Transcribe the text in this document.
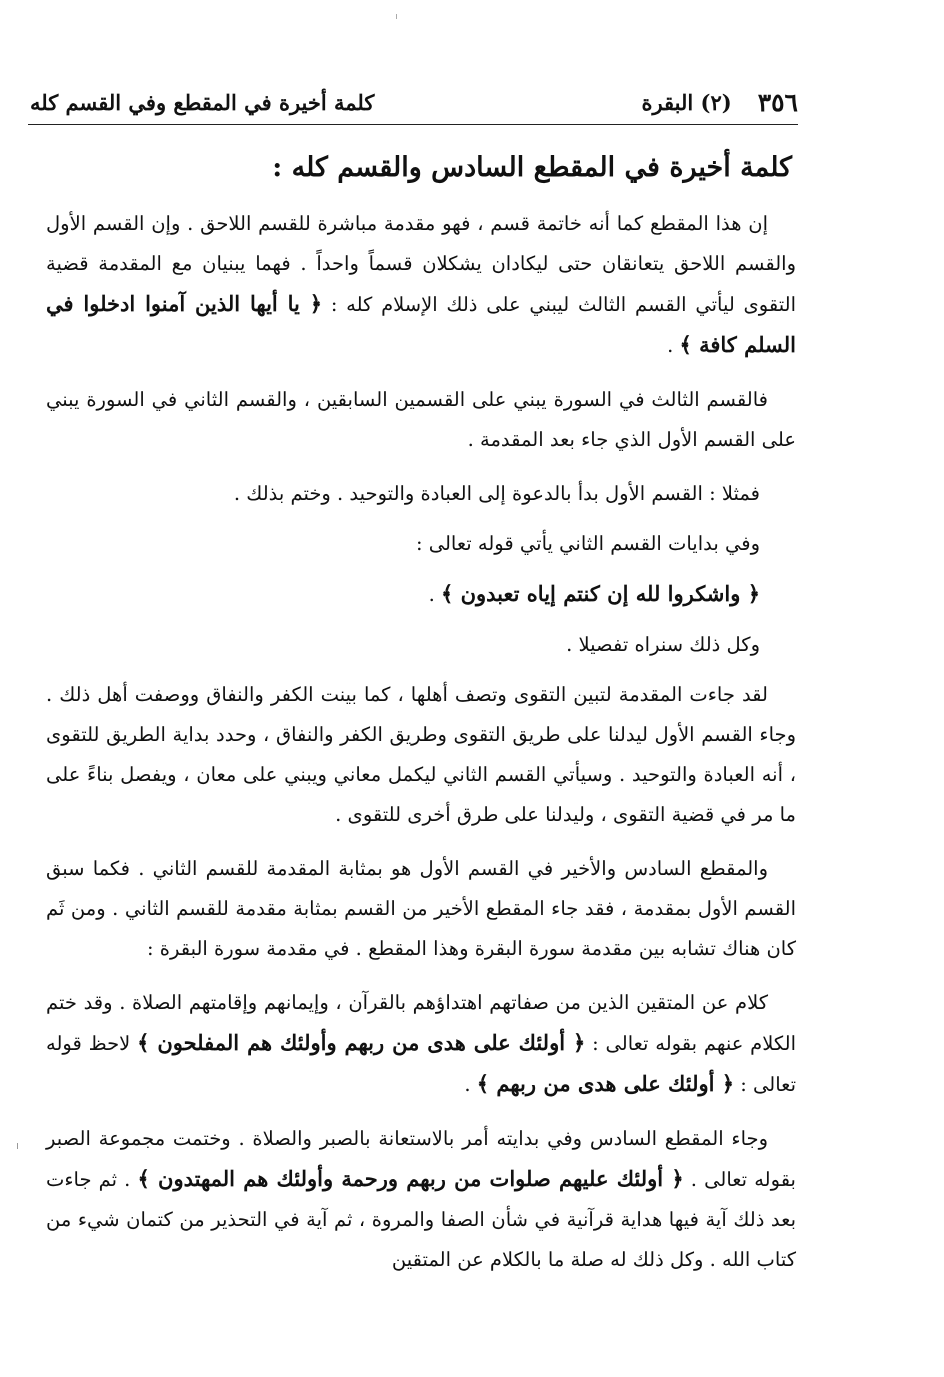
٣٥٦
(٢) البقرة
كلمة أخيرة في المقطع وفي القسم كله
كلمة أخيرة في المقطع السادس والقسم كله :

إن هذا المقطع كما أنه خاتمة قسم ، فهو مقدمة مباشرة للقسم اللاحق . وإن القسم الأول والقسم اللاحق يتعانقان حتى ليكادان يشكلان قسماً واحداً . فهما يبنيان مع المقدمة قضية التقوى ليأتي القسم الثالث ليبني على ذلك الإسلام كله : ﴿ يا أيها الذين آمنوا ادخلوا في السلم كافة ﴾ .

فالقسم الثالث في السورة يبني على القسمين السابقين ، والقسم الثاني في السورة يبني على القسم الأول الذي جاء بعد المقدمة .

فمثلا : القسم الأول بدأ بالدعوة إلى العبادة والتوحيد . وختم بذلك .

وفي بدايات القسم الثاني يأتي قوله تعالى :

﴿ واشكروا لله إن كنتم إياه تعبدون ﴾ .

وكل ذلك سنراه تفصيلا .

لقد جاءت المقدمة لتبين التقوى وتصف أهلها ، كما بينت الكفر والنفاق ووصفت أهل ذلك . وجاء القسم الأول ليدلنا على طريق التقوى وطريق الكفر والنفاق ، وحدد بداية الطريق للتقوى ، أنه العبادة والتوحيد . وسيأتي القسم الثاني ليكمل معاني ويبني على معان ، ويفصل بناءً على ما مر في قضية التقوى ، وليدلنا على طرق أخرى للتقوى .

والمقطع السادس والأخير في القسم الأول هو بمثابة المقدمة للقسم الثاني . فكما سبق القسم الأول بمقدمة ، فقد جاء المقطع الأخير من القسم بمثابة مقدمة للقسم الثاني . ومن ثَم كان هناك تشابه بين مقدمة سورة البقرة وهذا المقطع . في مقدمة سورة البقرة :

كلام عن المتقين الذين من صفاتهم اهتداؤهم بالقرآن ، وإيمانهم وإقامتهم الصلاة . وقد ختم الكلام عنهم بقوله تعالى : ﴿ أولئك على هدى من ربهم وأولئك هم المفلحون ﴾ لاحظ قوله تعالى : ﴿ أولئك على هدى من ربهم ﴾ .

وجاء المقطع السادس وفي بدايته أمر بالاستعانة بالصبر والصلاة . وختمت مجموعة الصبر بقوله تعالى . ﴿ أولئك عليهم صلوات من ربهم ورحمة وأولئك هم المهتدون ﴾ . ثم جاءت بعد ذلك آية فيها هداية قرآنية في شأن الصفا والمروة ، ثم آية في التحذير من كتمان شيء من كتاب الله . وكل ذلك له صلة ما بالكلام عن المتقين
